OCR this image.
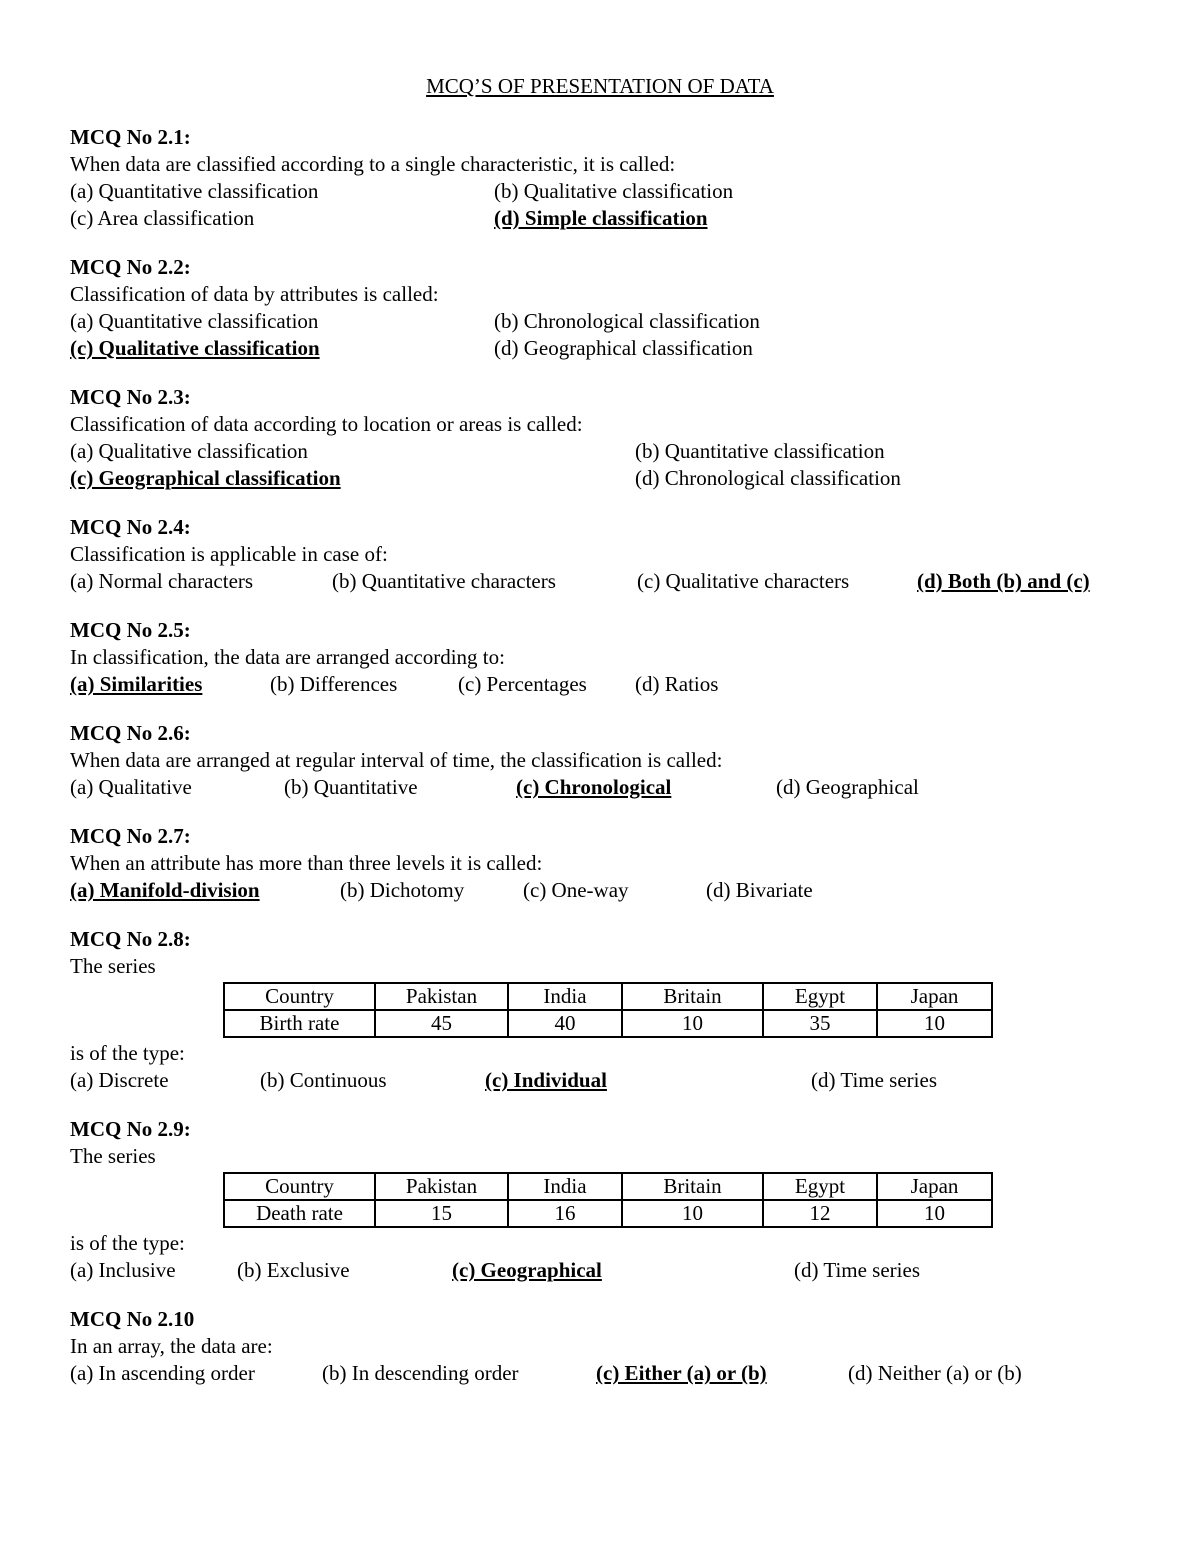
MCQ’S OF PRESENTATION OF DATA
MCQ No 2.1:
When data are classified according to a single characteristic, it is called:
(a) Quantitative classification	(b) Qualitative classification
(c) Area classification	(d) Simple classification
MCQ No 2.2:
Classification of data by attributes is called:
(a) Quantitative classification	(b) Chronological classification
(c) Qualitative classification	(d) Geographical classification
MCQ No 2.3:
Classification of data according to location or areas is called:
(a) Qualitative classification	(b) Quantitative classification
(c) Geographical classification	(d) Chronological classification
MCQ No 2.4:
Classification is applicable in case of:
(a) Normal characters	(b) Quantitative characters	(c) Qualitative characters	(d) Both (b) and (c)
MCQ No 2.5:
In classification, the data are arranged according to:
(a) Similarities	(b) Differences	(c) Percentages (d) Ratios
MCQ No 2.6:
When data are arranged at regular interval of time, the classification is called:
(a) Qualitative	(b) Quantitative	(c) Chronological	(d) Geographical
MCQ No 2.7:
When an attribute has more than three levels it is called:
(a) Manifold-division	(b) Dichotomy	(c) One-way	(d) Bivariate
MCQ No 2.8:
The series
Country	Pakistan	India	Britain	Egypt	Japan
Birth rate	45	40	10	35	10
is of the type:
(a) Discrete	(b) Continuous	(c) Individual	(d) Time series
MCQ No 2.9:
The series
Country	Pakistan	India	Britain	Egypt	Japan
Death rate	15	16	10	12	10
is of the type:
(a) Inclusive	(b) Exclusive	(c) Geographical	(d) Time series
MCQ No 2.10
In an array, the data are:
(a) In ascending order	(b) In descending order	(c) Either (a) or (b)	(d) Neither (a) or (b)
